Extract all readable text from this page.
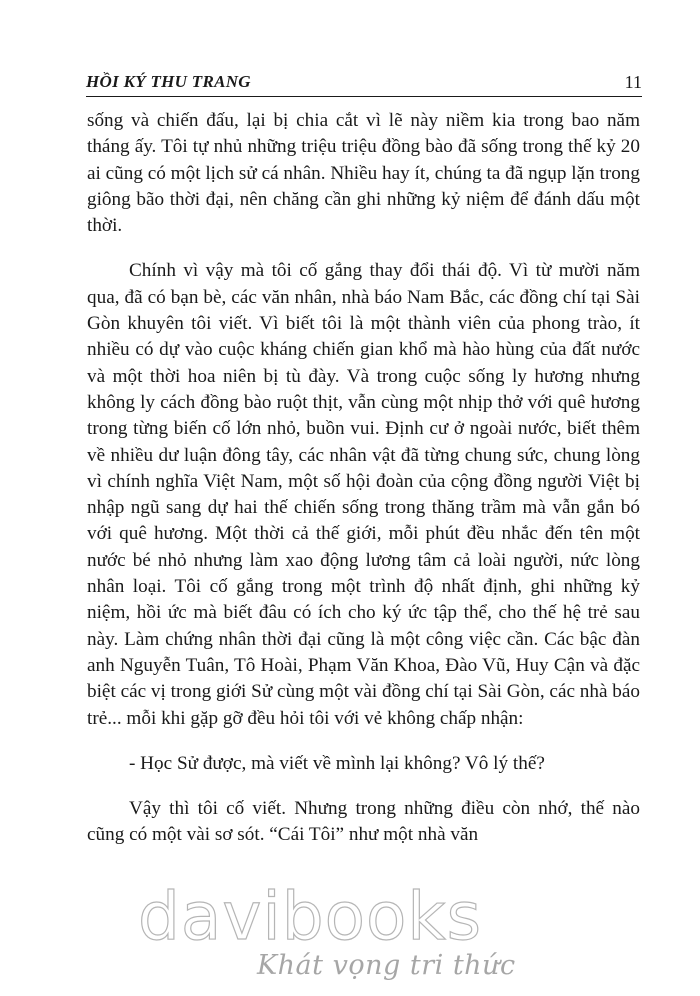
HỒI KÝ THU TRANG	11

sống và chiến đấu, lại bị chia cắt vì lẽ này niềm kia trong bao năm tháng ấy. Tôi tự nhủ những triệu triệu đồng bào đã sống trong thế kỷ 20 ai cũng có một lịch sử cá nhân. Nhiều hay ít, chúng ta đã ngụp lặn trong giông bão thời đại, nên chăng cần ghi những kỷ niệm để đánh dấu một thời.

Chính vì vậy mà tôi cố gắng thay đổi thái độ. Vì từ mười năm qua, đã có bạn bè, các văn nhân, nhà báo Nam Bắc, các đồng chí tại Sài Gòn khuyên tôi viết. Vì biết tôi là một thành viên của phong trào, ít nhiều có dự vào cuộc kháng chiến gian khổ mà hào hùng của đất nước và một thời hoa niên bị tù đày. Và trong cuộc sống ly hương nhưng không ly cách đồng bào ruột thịt, vẫn cùng một nhịp thở với quê hương trong từng biến cố lớn nhỏ, buồn vui. Định cư ở ngoài nước, biết thêm về nhiều dư luận đông tây, các nhân vật đã từng chung sức, chung lòng vì chính nghĩa Việt Nam, một số hội đoàn của cộng đồng người Việt bị nhập ngũ sang dự hai thế chiến sống trong thăng trầm mà vẫn gắn bó với quê hương. Một thời cả thế giới, mỗi phút đều nhắc đến tên một nước bé nhỏ nhưng làm xao động lương tâm cả loài người, nức lòng nhân loại. Tôi cố gắng trong một trình độ nhất định, ghi những kỷ niệm, hồi ức mà biết đâu có ích cho ký ức tập thể, cho thế hệ trẻ sau này. Làm chứng nhân thời đại cũng là một công việc cần. Các bậc đàn anh Nguyễn Tuân, Tô Hoài, Phạm Văn Khoa, Đào Vũ, Huy Cận và đặc biệt các vị trong giới Sử cùng một vài đồng chí tại Sài Gòn, các nhà báo trẻ... mỗi khi gặp gỡ đều hỏi tôi với vẻ không chấp nhận:

- Học Sử được, mà viết về mình lại không? Vô lý thế?

Vậy thì tôi cố viết. Nhưng trong những điều còn nhớ, thế nào cũng có một vài sơ sót. “Cái Tôi” như một nhà văn

davibooks
Khát vọng tri thức
